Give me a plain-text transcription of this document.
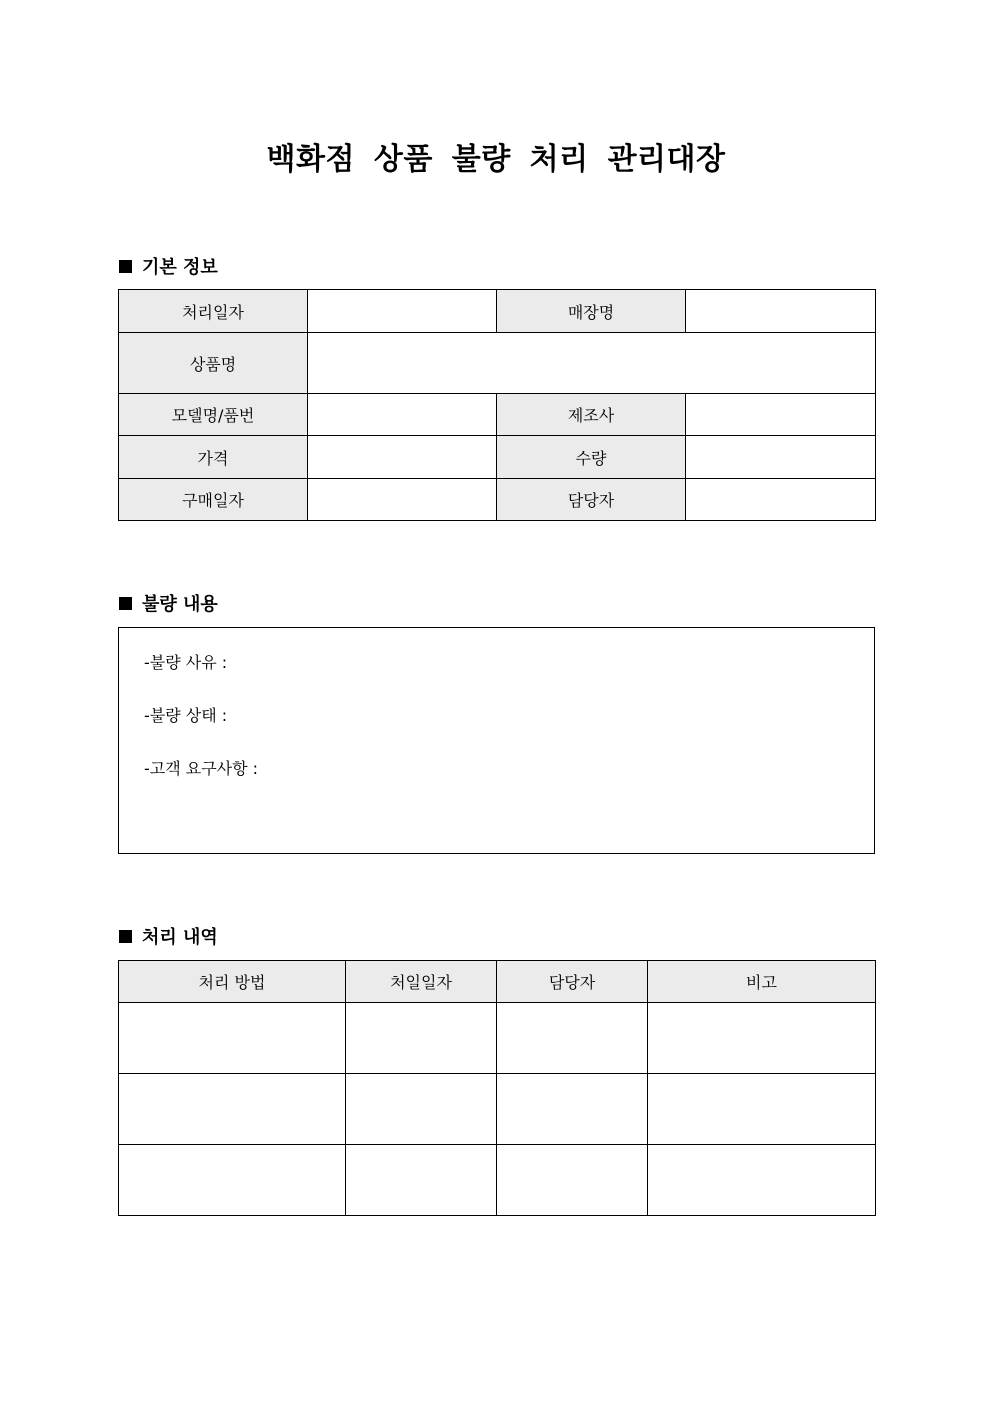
백화점 상품 불량 처리 관리대장
기본 정보
처리일자		매장명	
상품명			
모델명/품번		제조사	
가격		수량	
구매일자		담당자	
불량 내용
-불량 사유 :
-불량 상태 :
-고객 요구사항 :
처리 내역
처리 방법	처일일자	담당자	비고
